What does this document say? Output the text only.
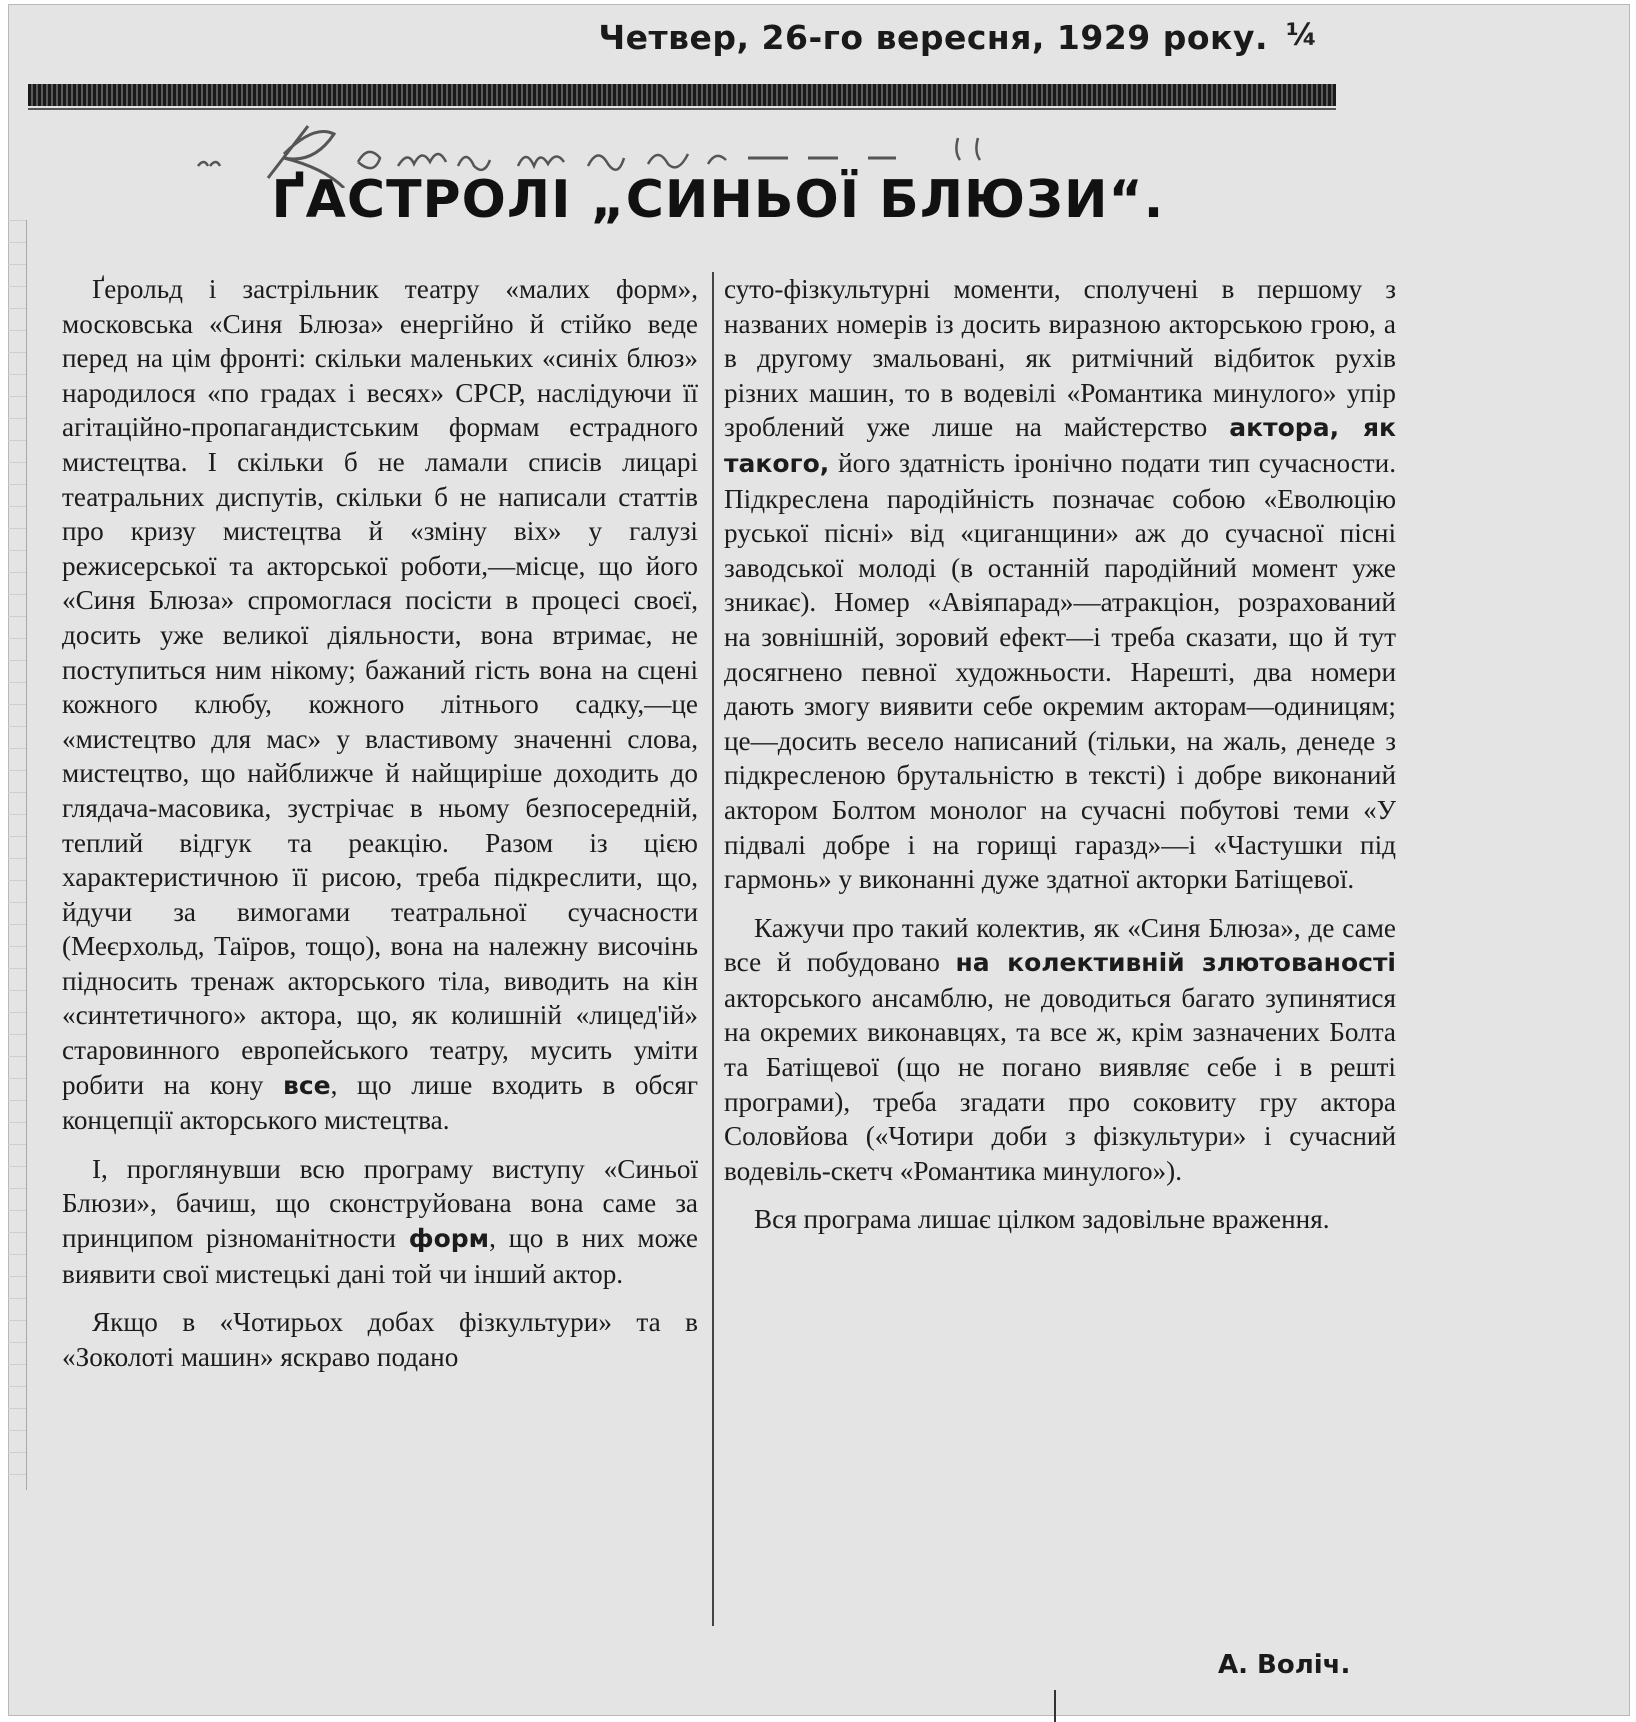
Четвер, 26-го вересня, 1929 року. ¼
ҐАСТРОЛІ „СИНЬОЇ БЛЮЗИ“.

Ґерольд і застрільник театру «малих форм», московська «Синя Блюза» енергійно й стійко веде перед на цім фронті: скільки маленьких «синіх блюз» народилося «по градах і весях» СРСР, наслідуючи її агітаційно-пропагандистським формам естрадного мистецтва. І скільки б не ламали списів лицарі театральних диспутів, скільки б не написали статтів про кризу мистецтва й «зміну віх» у галузі режисерської та акторської роботи,—місце, що його «Синя Блюза» спромоглася посісти в процесі своєї, досить уже великої діяльности, вона втримає, не поступиться ним нікому; бажаний гість вона на сцені кожного клюбу, кожного літнього садку,—це «мистецтво для мас» у властивому значенні слова, мистецтво, що найближче й найщиріше доходить до глядача-масовика, зустрічає в ньому безпосередній, теплий відгук та реакцію. Разом із цією характеристичною її рисою, треба підкреслити, що, йдучи за вимогами театральної сучасности (Меєрхольд, Таїров, тощо), вона на належну височінь підносить тренаж акторського тіла, виводить на кін «синтетичного» актора, що, як колишній «лицед'ій» старовинного европейського театру, мусить уміти робити на кону все, що лише входить в обсяг концепції акторського мистецтва.

І, проглянувши всю програму виступу «Синьої Блюзи», бачиш, що сконструйована вона саме за принципом різноманітности форм, що в них може виявити свої мистецькі дані той чи інший актор.

Якщо в «Чотирьох добах фізкультури» та в «Зоколоті машин» яскраво подано

суто-фізкультурні моменти, сполучені в першому з названих номерів із досить виразною акторською грою, а в другому змальовані, як ритмічний відбиток рухів різних машин, то в водевілі «Романтика минулого» упір зроблений уже лише на майстерство актора, як такого, його здатність іронічно подати тип сучасности. Підкреслена пародійність позначає собою «Еволюцію руської пісні» від «циганщини» аж до сучасної пісні заводської молоді (в останній пародійний момент уже зникає). Номер «Авіяпарад»—атракціон, розрахований на зовнішній, зоровий ефект—і треба сказати, що й тут досягнено певної художньости. Нарешті, два номери дають змогу виявити себе окремим акторам—одиницям; це—досить весело написаний (тільки, на жаль, денеде з підкресленою брутальністю в тексті) і добре виконаний актором Болтом монолог на сучасні побутові теми «У підвалі добре і на горищі гаразд»—і «Частушки під гармонь» у виконанні дуже здатної акторки Батіщевої.

Кажучи про такий колектив, як «Синя Блюза», де саме все й побудовано на колективній злютованості акторського ансамблю, не доводиться багато зупинятися на окремих виконавцях, та все ж, крім зазначених Болта та Батіщевої (що не погано виявляє себе і в решті програми), треба згадати про соковиту гру актора Соловйова («Чотири доби з фізкультури» і сучасний водевіль-скетч «Романтика минулого»).

Вся програма лишає цілком задовільне враження.

А. Воліч.
